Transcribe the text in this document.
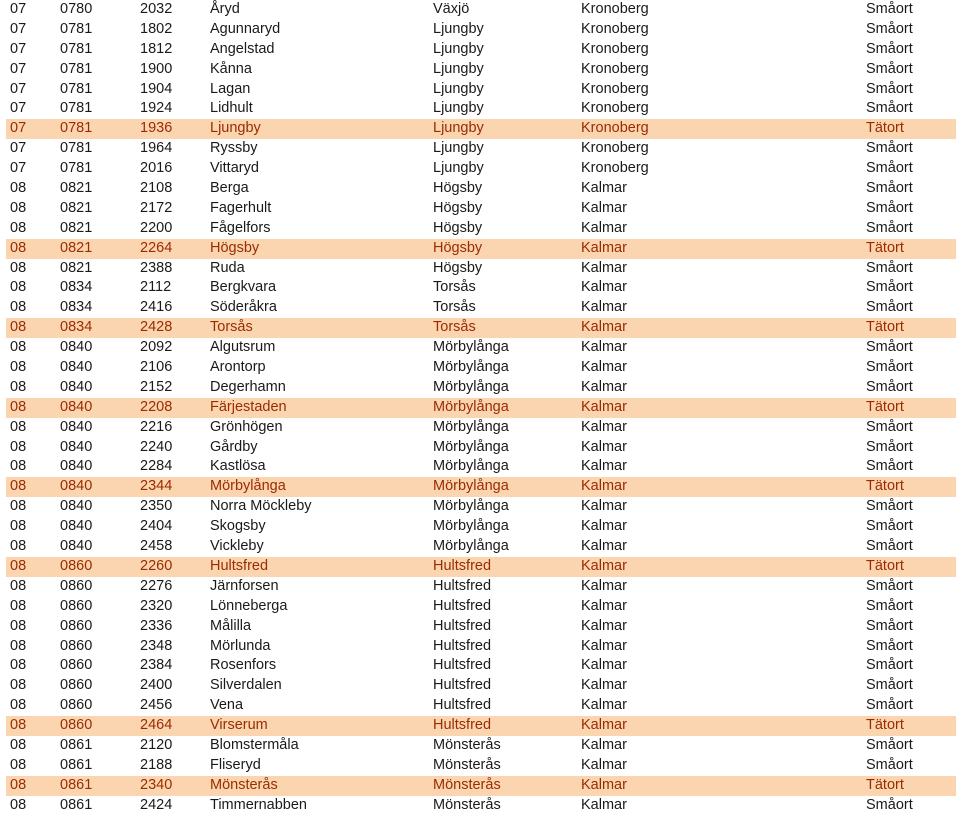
07 0780	2032	Åryd	Växjö	Kronoberg	Småort
07 0781	1802	Agunnaryd	Ljungby	Kronoberg	Småort
07 0781	1812	Angelstad	Ljungby	Kronoberg	Småort
07 0781	1900	Kånna	Ljungby	Kronoberg	Småort
07 0781	1904	Lagan	Ljungby	Kronoberg	Småort
07 0781	1924	Lidhult	Ljungby	Kronoberg	Småort
07 0781	1936	Ljungby	Ljungby	Kronoberg	Tätort
07 0781	1964	Ryssby	Ljungby	Kronoberg	Småort
07 0781	2016	Vittaryd	Ljungby	Kronoberg	Småort
08 0821	2108	Berga	Högsby	Kalmar	Småort
08 0821	2172	Fagerhult	Högsby	Kalmar	Småort
08 0821	2200	Fågelfors	Högsby	Kalmar	Småort
08 0821	2264	Högsby	Högsby	Kalmar	Tätort
08 0821	2388	Ruda	Högsby	Kalmar	Småort
08 0834	2112	Bergkvara	Torsås	Kalmar	Småort
08 0834	2416	Söderåkra	Torsås	Kalmar	Småort
08 0834	2428	Torsås	Torsås	Kalmar	Tätort
08 0840	2092	Algutsrum	Mörbylånga	Kalmar	Småort
08 0840	2106	Arontorp	Mörbylånga	Kalmar	Småort
08 0840	2152	Degerhamn	Mörbylånga	Kalmar	Småort
08 0840	2208	Färjestaden	Mörbylånga	Kalmar	Tätort
08 0840	2216	Grönhögen	Mörbylånga	Kalmar	Småort
08 0840	2240	Gårdby	Mörbylånga	Kalmar	Småort
08 0840	2284	Kastlösa	Mörbylånga	Kalmar	Småort
08 0840	2344	Mörbylånga	Mörbylånga	Kalmar	Tätort
08 0840	2350	Norra Möckleby	Mörbylånga	Kalmar	Småort
08 0840	2404	Skogsby	Mörbylånga	Kalmar	Småort
08 0840	2458	Vickleby	Mörbylånga	Kalmar	Småort
08 0860	2260	Hultsfred	Hultsfred	Kalmar	Tätort
08 0860	2276	Järnforsen	Hultsfred	Kalmar	Småort
08 0860	2320	Lönneberga	Hultsfred	Kalmar	Småort
08 0860	2336	Målilla	Hultsfred	Kalmar	Småort
08 0860	2348	Mörlunda	Hultsfred	Kalmar	Småort
08 0860	2384	Rosenfors	Hultsfred	Kalmar	Småort
08 0860	2400	Silverdalen	Hultsfred	Kalmar	Småort
08 0860	2456	Vena	Hultsfred	Kalmar	Småort
08 0860	2464	Virserum	Hultsfred	Kalmar	Tätort
08 0861	2120	Blomstermåla	Mönsterås	Kalmar	Småort
08 0861	2188	Fliseryd	Mönsterås	Kalmar	Småort
08 0861	2340	Mönsterås	Mönsterås	Kalmar	Tätort
08 0861	2424	Timmernabben	Mönsterås	Kalmar	Småort
